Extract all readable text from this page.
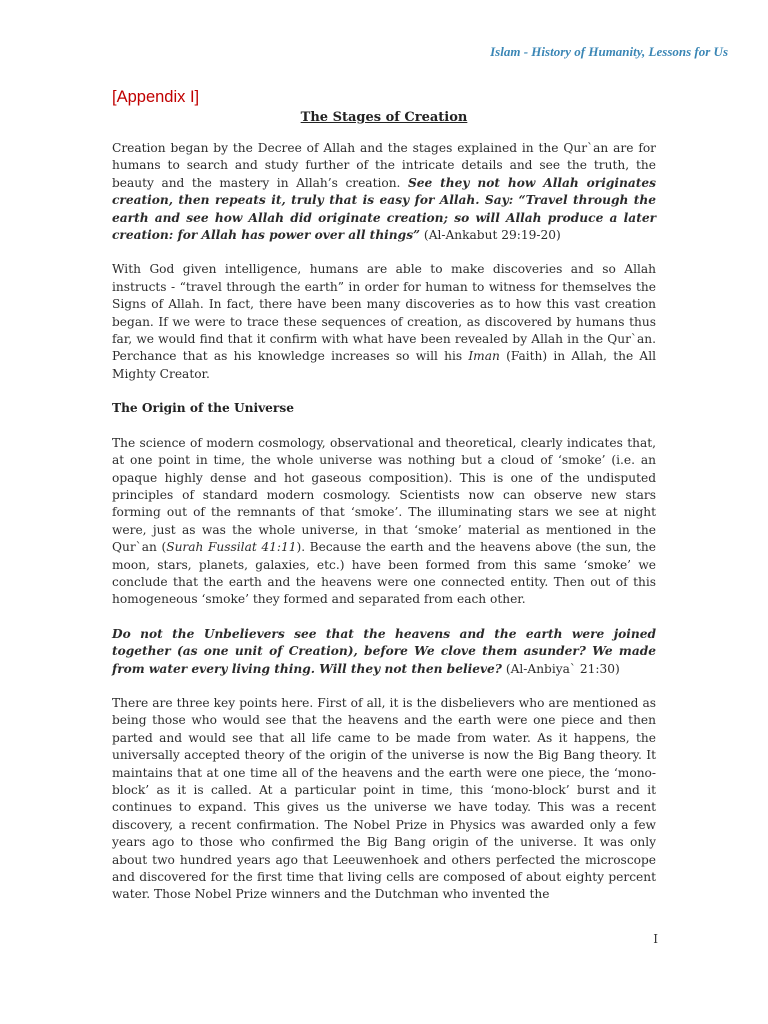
Islam - History of Humanity, Lessons for Us
[Appendix I]
The Stages of Creation

Creation began by the Decree of Allah and the stages explained in the Qur`an are for humans to search and study further of the intricate details and see the truth, the beauty and the mastery in Allah’s creation. See they not how Allah originates creation, then repeats it, truly that is easy for Allah. Say: “Travel through the earth and see how Allah did originate creation; so will Allah produce a later creation: for Allah has power over all things” (Al-Ankabut 29:19-20)

With God given intelligence, humans are able to make discoveries and so Allah instructs - “travel through the earth” in order for human to witness for themselves the Signs of Allah. In fact, there have been many discoveries as to how this vast creation began. If we were to trace these sequences of creation, as discovered by humans thus far, we would find that it confirm with what have been revealed by Allah in the Qur`an. Perchance that as his knowledge increases so will his Iman (Faith) in Allah, the All Mighty Creator.

The Origin of the Universe

The science of modern cosmology, observational and theoretical, clearly indicates that, at one point in time, the whole universe was nothing but a cloud of ‘smoke’ (i.e. an opaque highly dense and hot gaseous composition). This is one of the undisputed principles of standard modern cosmology. Scientists now can observe new stars forming out of the remnants of that ‘smoke’. The illuminating stars we see at night were, just as was the whole universe, in that ‘smoke’ material as mentioned in the Qur`an (Surah Fussilat 41:11). Because the earth and the heavens above (the sun, the moon, stars, planets, galaxies, etc.) have been formed from this same ‘smoke’ we conclude that the earth and the heavens were one connected entity. Then out of this homogeneous ‘smoke’ they formed and separated from each other.

Do not the Unbelievers see that the heavens and the earth were joined together (as one unit of Creation), before We clove them asunder? We made from water every living thing. Will they not then believe? (Al-Anbiya` 21:30)

There are three key points here. First of all, it is the disbelievers who are mentioned as being those who would see that the heavens and the earth were one piece and then parted and would see that all life came to be made from water. As it happens, the universally accepted theory of the origin of the universe is now the Big Bang theory. It maintains that at one time all of the heavens and the earth were one piece, the ‘mono-block’ as it is called. At a particular point in time, this ‘mono-block’ burst and it continues to expand. This gives us the universe we have today. This was a recent discovery, a recent confirmation. The Nobel Prize in Physics was awarded only a few years ago to those who confirmed the Big Bang origin of the universe. It was only about two hundred years ago that Leeuwenhoek and others perfected the microscope and discovered for the first time that living cells are composed of about eighty percent water. Those Nobel Prize winners and the Dutchman who invented the

I
